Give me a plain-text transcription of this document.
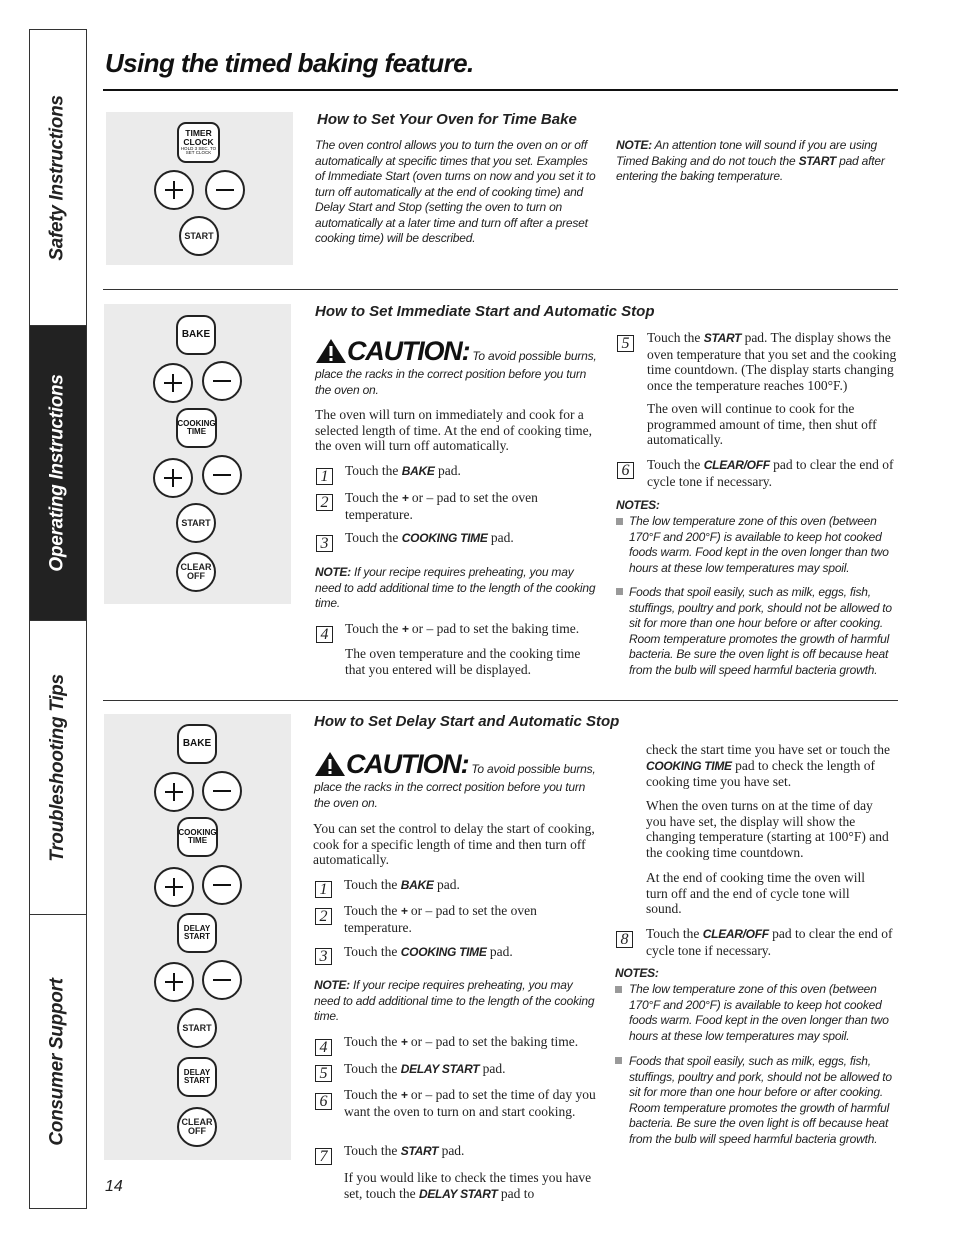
Safety Instructions
Operating Instructions
Troubleshooting Tips
Consumer Support
Using the timed baking feature.
TIMER
CLOCK
HOLD 3 SEC. TO
SET CLOCK
START
How to Set Your Oven for Time Bake
The oven control allows you to turn the oven on or off automatically at specific times that you set. Examples of Immediate Start (oven turns on now and you set it to turn off automatically at the end of cooking time) and Delay Start and Stop (setting the oven to turn on automatically at a later time and turn off after a preset cooking time) will be described.
NOTE: An attention tone will sound if you are using Timed Baking and do not touch the START pad after entering the baking temperature.
BAKE
COOKING
TIME
START
CLEAR
OFF
How to Set Immediate Start and Automatic Stop
CAUTION: To avoid possible burns,
place the racks in the correct position before you turn the oven on.
The oven will turn on immediately and cook for a selected length of time. At the end of cooking time, the oven will turn off automatically.
1	Touch the BAKE pad.
2	Touch the + or – pad to set the oven temperature.
3	Touch the COOKING TIME pad.
NOTE: If your recipe requires preheating, you may need to add additional time to the length of the cooking time.
4	Touch the + or – pad to set the baking time.
The oven temperature and the cooking time that you entered will be displayed.
5	Touch the START pad. The display shows the oven temperature that you set and the cooking time countdown. (The display starts changing once the temperature reaches 100°F.)
The oven will continue to cook for the programmed amount of time, then shut off automatically.
6	Touch the CLEAR/OFF pad to clear the end of cycle tone if necessary.
NOTES:
The low temperature zone of this oven (between 170°F and 200°F) is available to keep hot cooked foods warm. Food kept in the oven longer than two hours at these low temperatures may spoil.
Foods that spoil easily, such as milk, eggs, fish, stuffings, poultry and pork, should not be allowed to sit for more than one hour before or after cooking. Room temperature promotes the growth of harmful bacteria. Be sure the oven light is off because heat from the bulb will speed harmful bacteria growth.
BAKE
COOKING
TIME
DELAY
START
START
DELAY
START
CLEAR
OFF
How to Set Delay Start and Automatic Stop
CAUTION: To avoid possible burns,
place the racks in the correct position before you turn the oven on.
You can set the control to delay the start of cooking, cook for a specific length of time and then turn off automatically.
1	Touch the BAKE pad.
2	Touch the + or – pad to set the oven temperature.
3	Touch the COOKING TIME pad.
NOTE: If your recipe requires preheating, you may need to add additional time to the length of the cooking time.
4	Touch the + or – pad to set the baking time.
5	Touch the DELAY START pad.
6	Touch the + or – pad to set the time of day you want the oven to turn on and start cooking.
7	Touch the START pad.
If you would like to check the times you have set, touch the DELAY START pad to
check the start time you have set or touch the COOKING TIME pad to check the length of cooking time you have set.
When the oven turns on at the time of day you have set, the display will show the changing temperature (starting at 100°F) and the cooking time countdown.
At the end of cooking time the oven will turn off and the end of cycle tone will sound.
8	Touch the CLEAR/OFF pad to clear the end of cycle tone if necessary.
NOTES:
The low temperature zone of this oven (between 170°F and 200°F) is available to keep hot cooked foods warm. Food kept in the oven longer than two hours at these low temperatures may spoil.
Foods that spoil easily, such as milk, eggs, fish, stuffings, poultry and pork, should not be allowed to sit for more than one hour before or after cooking. Room temperature promotes the growth of harmful bacteria. Be sure the oven light is off because heat from the bulb will speed harmful bacteria growth.
14
